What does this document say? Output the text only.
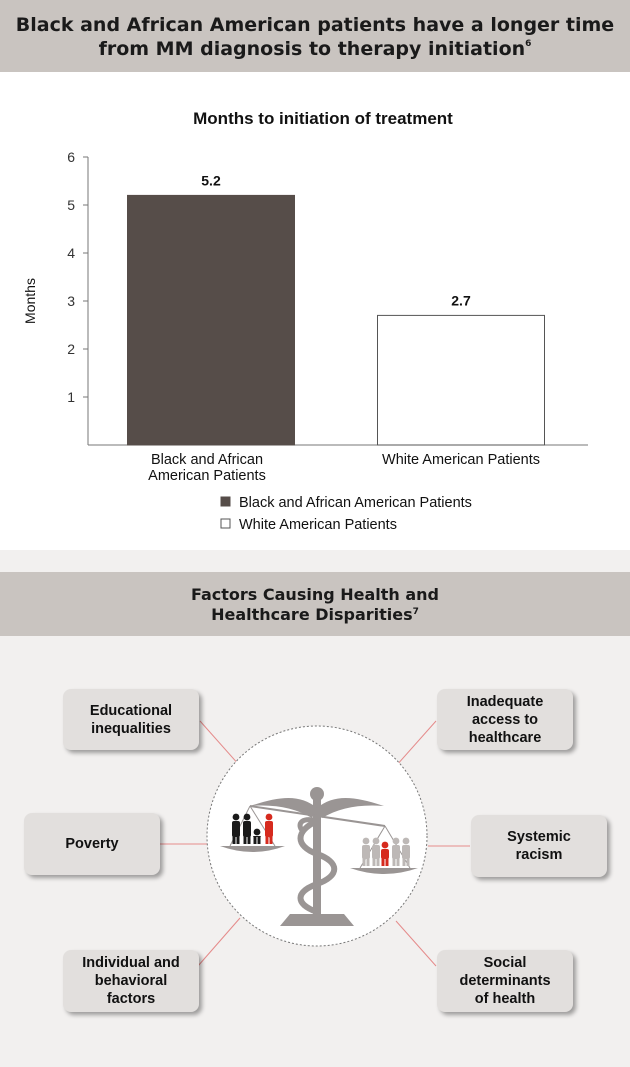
Black and African American patients have a longer time
from MM diagnosis to therapy initiation$^6$
Months to initiation of treatment
1
2
3
4
5
6
Months
5.2
Black and African
American Patients
2.7
White American Patients
Black and African American Patients
White American Patients
Factors Causing Health and
Healthcare Disparities$^7$
Educational
inequalities
Inadequate
access to
healthcare
Poverty	Systemic
racism
Individual and
behavioral
factors
Social
determinants
of health
